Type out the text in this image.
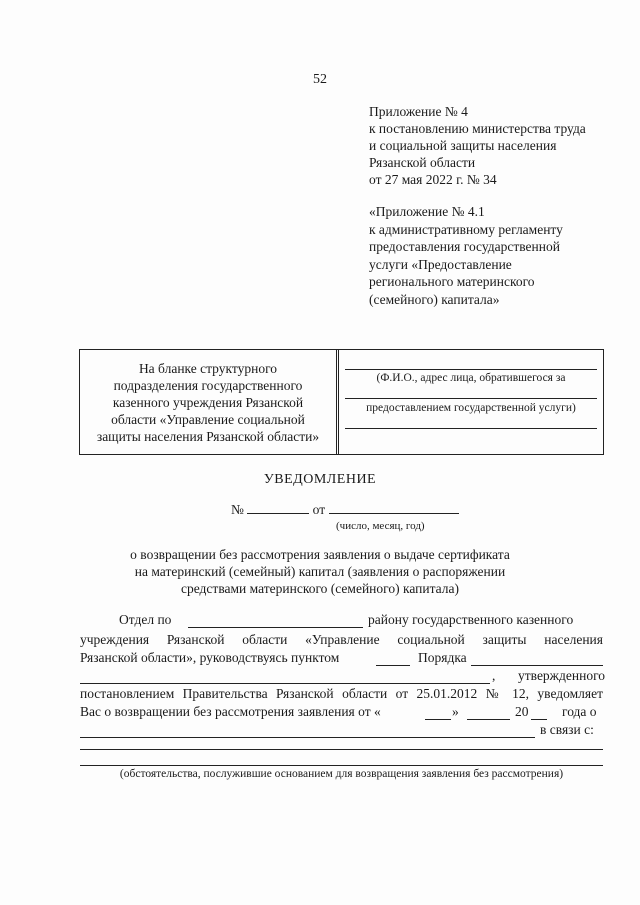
52
Приложение № 4
к постановлению министерства труда
и социальной защиты населения
Рязанской области
от 27 мая 2022 г. № 34
«Приложение № 4.1
к административному регламенту
предоставления государственной
услуги «Предоставление
регионального материнского
(семейного) капитала»
На бланке структурного
подразделения государственного
казенного учреждения Рязанской
области «Управление социальной
защиты населения Рязанской области»
(Ф.И.О., адрес лица, обратившегося за
предоставлением государственной услуги)
УВЕДОМЛЕНИЕ
№	от
(число, месяц, год)
о возвращении без рассмотрения заявления о выдаче сертификата
на материнский (семейный) капитал (заявления о распоряжении
средствами материнского (семейного) капитала)
Отдел по	району государственного казенного
учреждения Рязанской области «Управление социальной защиты населения
Рязанской области», руководствуясь пунктом	Порядка
, утвержденного
постановлением Правительства Рязанской области от 25.01.2012 № 12, уведомляет
Вас о возвращении без рассмотрения заявления от «	»	20 года о
в связи с:
(обстоятельства, послужившие основанием для возвращения заявления без рассмотрения)
